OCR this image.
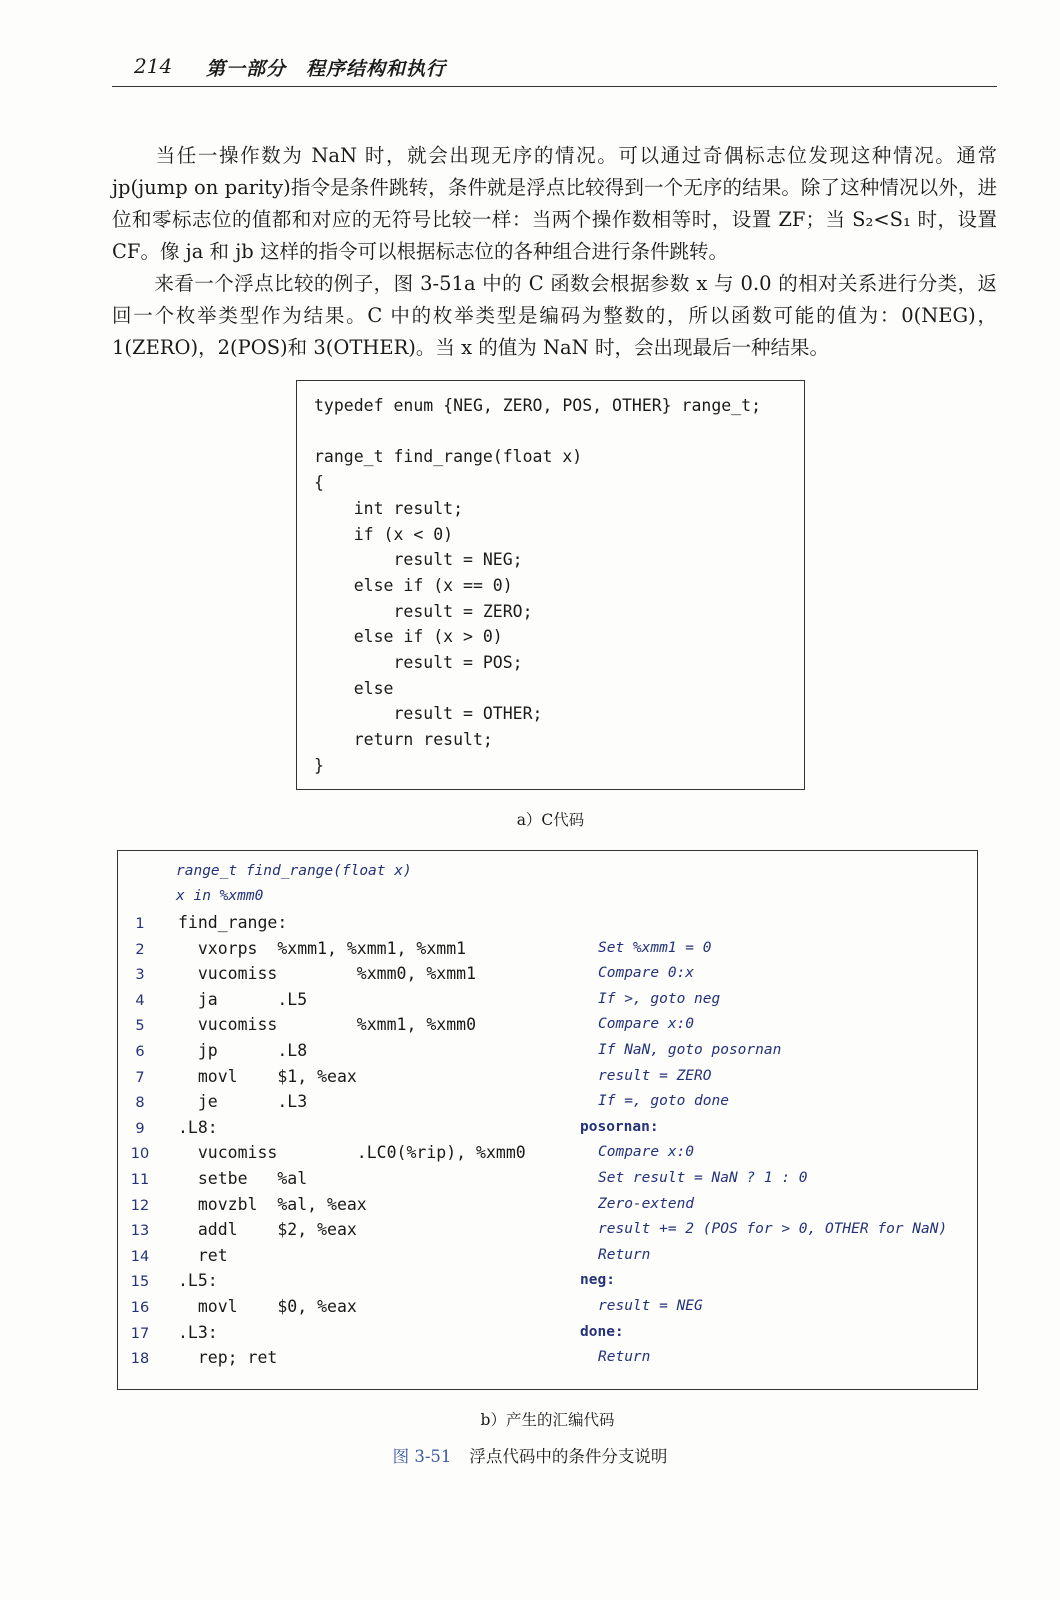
214 第一部分　程序结构和执行

当任一操作数为 NaN 时，就会出现无序的情况。可以通过奇偶标志位发现这种情况。通常 jp(jump on parity)指令是条件跳转，条件就是浮点比较得到一个无序的结果。除了这种情况以外，进位和零标志位的值都和对应的无符号比较一样：当两个操作数相等时，设置 ZF；当 S₂<S₁ 时，设置 CF。像 ja 和 jb 这样的指令可以根据标志位的各种组合进行条件跳转。

来看一个浮点比较的例子，图 3-51a 中的 C 函数会根据参数 x 与 0.0 的相对关系进行分类，返回一个枚举类型作为结果。C 中的枚举类型是编码为整数的，所以函数可能的值为：0(NEG)，1(ZERO)，2(POS)和 3(OTHER)。当 x 的值为 NaN 时，会出现最后一种结果。

typedef enum {NEG, ZERO, POS, OTHER} range_t;

range_t find_range(float x)
{
int result;
if (x < 0)
result = NEG;
else if (x == 0)
result = ZERO;
else if (x > 0)
result = POS;
else
result = OTHER;
return result;
}
a）C代码
range_t find_range(float x)
x in %xmm0
1	find_range:
2	vxorps  %xmm1, %xmm1, %xmm1	Set %xmm1 = 0
3	vucomiss        %xmm0, %xmm1	Compare 0:x
4	ja      .L5	If >, goto neg
5	vucomiss        %xmm1, %xmm0	Compare x:0
6	jp      .L8	If NaN, goto posornan
7	movl    $1, %eax	result = ZERO
8	je      .L3	If =, goto done
9	.L8:	posornan:
10 vucomiss        .LC0(%rip), %xmm0	Compare x:0
11 setbe   %al	Set result = NaN ? 1 : 0
12 movzbl  %al, %eax	Zero-extend
13 addl    $2, %eax	result += 2 (POS for > 0, OTHER for NaN)
14 ret	Return
15 .L5:	neg:
16 movl    $0, %eax	result = NEG
17 .L3:	done:
18 rep; ret	Return
b）产生的汇编代码
图 3-51 浮点代码中的条件分支说明
